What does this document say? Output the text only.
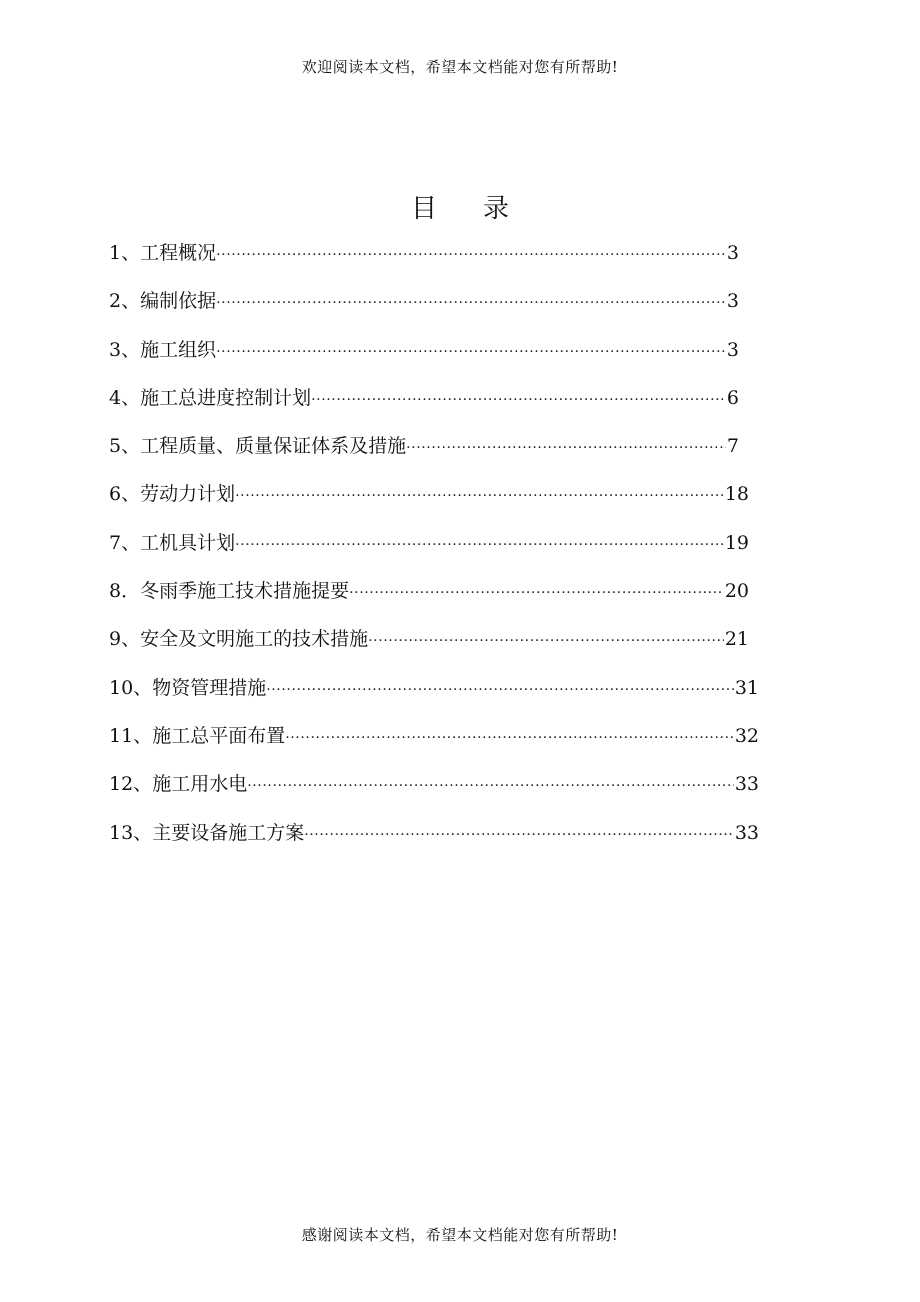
欢迎阅读本文档，希望本文档能对您有所帮助!
目 录
1、 工程概况 ·····	3
2、 编制依据 ·····	3
3、 施工组织 ·····	3
4、 施工总进度控制计划 ·····	6
5、 工程质量、质量保证体系及措施 ·····	7
6、 劳动力计划 ·····	18
7、 工机具计划 ·····	19
8． 冬雨季施工技术措施提要 ·····	20
9、 安全及文明施工的技术措施 ·····	21
10、 物资管理措施 ·····	31
11、 施工总平面布置 ·····	32
12、 施工用水电 ·····	33
13、 主要设备施工方案 ·····	33
感谢阅读本文档，希望本文档能对您有所帮助!
